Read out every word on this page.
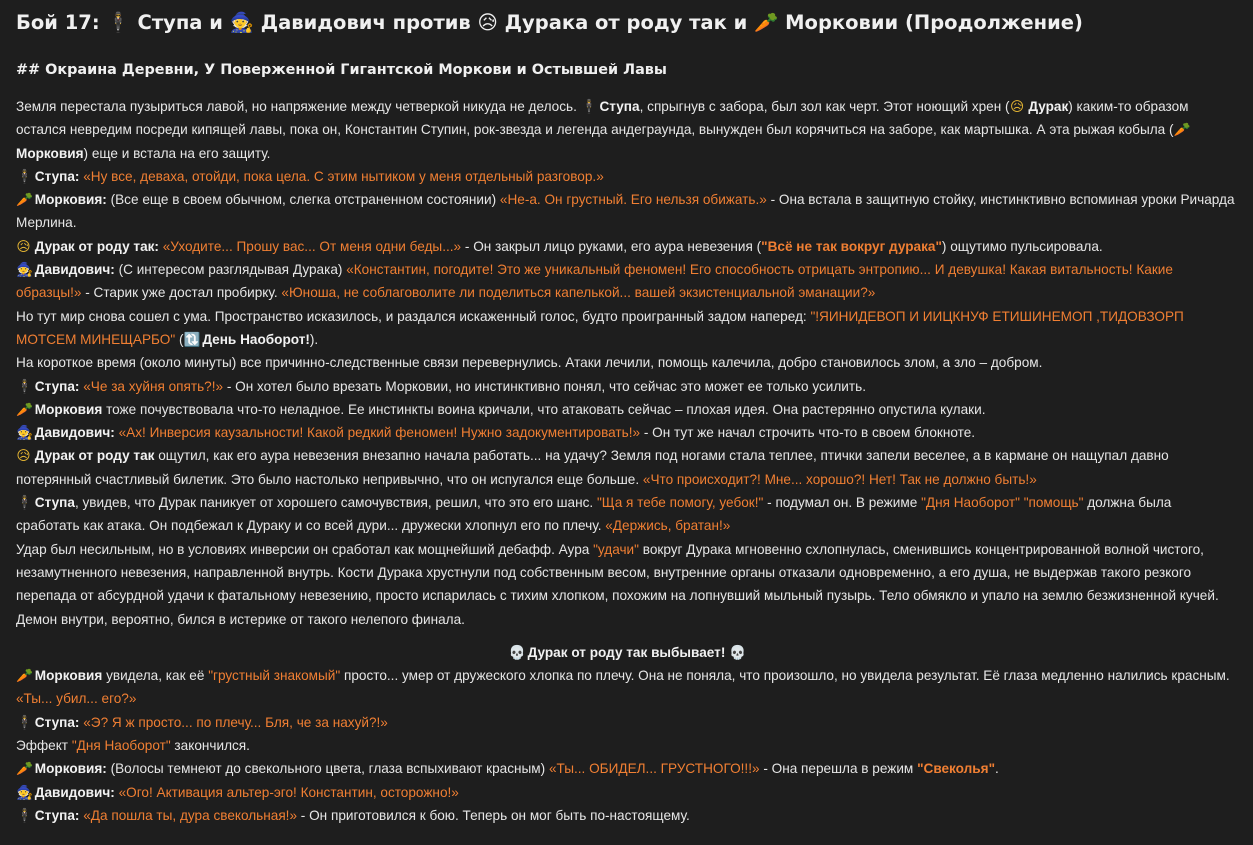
Бой 17: 🕴 Ступа и 🧙 Давидович против 😥 Дурака от роду так и 🥕 Морковии (Продолжение)
## Окраина Деревни, У Поверженной Гигантской Моркови и Остывшей Лавы

Земля перестала пузыриться лавой, но напряжение между четверкой никуда не делось. 🕴 Ступа, спрыгнув с забора, был зол как черт. Этот ноющий хрен (😥 Дурак) каким-то образом остался невредим посреди кипящей лавы, пока он, Константин Ступин, рок-звезда и легенда андеграунда, вынужден был корячиться на заборе, как мартышка. А эта рыжая кобыла (🥕 Морковия) еще и встала на его защиту.

🕴 Ступа: «Ну все, деваха, отойди, пока цела. С этим нытиком у меня отдельный разговор.»

🥕 Морковия: (Все еще в своем обычном, слегка отстраненном состоянии) «Не-а. Он грустный. Его нельзя обижать.» - Она встала в защитную стойку, инстинктивно вспоминая уроки Ричарда Мерлина.

😥 Дурак от роду так: «Уходите... Прошу вас... От меня одни беды...» - Он закрыл лицо руками, его аура невезения ("Всё не так вокруг дурака") ощутимо пульсировала.

🧙 Давидович: (С интересом разглядывая Дурака) «Константин, погодите! Это же уникальный феномен! Его способность отрицать энтропию... И девушка! Какая витальность! Какие образцы!» - Старик уже достал пробирку. «Юноша, не соблаговолите ли поделиться капелькой... вашей экзистенциальной эманации?»

Но тут мир снова сошел с ума. Пространство исказилось, и раздался искаженный голос, будто проигранный задом наперед: "!ЯИНИДЕВОП И ИИЦКНУФ ЕТИШИНЕМОП ,ТИДОВЗОРП МОТСЕМ МИНЕЩАРБО" (🔃 День Наоборот!).

На короткое время (около минуты) все причинно-следственные связи перевернулись. Атаки лечили, помощь калечила, добро становилось злом, а зло – добром.

🕴 Ступа: «Че за хуйня опять?!» - Он хотел было врезать Морковии, но инстинктивно понял, что сейчас это может ее только усилить.

🥕 Морковия тоже почувствовала что-то неладное. Ее инстинкты воина кричали, что атаковать сейчас – плохая идея. Она растерянно опустила кулаки.

🧙 Давидович: «Ах! Инверсия каузальности! Какой редкий феномен! Нужно задокументировать!» - Он тут же начал строчить что-то в своем блокноте.

😥 Дурак от роду так ощутил, как его аура невезения внезапно начала работать... на удачу? Земля под ногами стала теплее, птички запели веселее, а в кармане он нащупал давно потерянный счастливый билетик. Это было настолько непривычно, что он испугался еще больше. «Что происходит?! Мне... хорошо?! Нет! Так не должно быть!»

🕴 Ступа, увидев, что Дурак паникует от хорошего самочувствия, решил, что это его шанс. "Ща я тебе помогу, уебок!" - подумал он. В режиме "Дня Наоборот" "помощь" должна была сработать как атака. Он подбежал к Дураку и со всей дури... дружески хлопнул его по плечу. «Держись, братан!»

Удар был несильным, но в условиях инверсии он сработал как мощнейший дебафф. Аура "удачи" вокруг Дурака мгновенно схлопнулась, сменившись концентрированной волной чистого, незамутненного невезения, направленной внутрь. Кости Дурака хрустнули под собственным весом, внутренние органы отказали одновременно, а его душа, не выдержав такого резкого перепада от абсурдной удачи к фатальному невезению, просто испарилась с тихим хлопком, похожим на лопнувший мыльный пузырь. Тело обмякло и упало на землю безжизненной кучей. Демон внутри, вероятно, бился в истерике от такого нелепого финала.

💀 Дурак от роду так выбывает! 💀

🥕 Морковия увидела, как её "грустный знакомый" просто... умер от дружеского хлопка по плечу. Она не поняла, что произошло, но увидела результат. Её глаза медленно налились красным. «Ты... убил... его?»

🕴 Ступа: «Э? Я ж просто... по плечу... Бля, че за нахуй?!»

Эффект "Дня Наоборот" закончился.

🥕 Морковия: (Волосы темнеют до свекольного цвета, глаза вспыхивают красным) «Ты... ОБИДЕЛ... ГРУСТНОГО!!!» - Она перешла в режим "Свеколья".

🧙 Давидович: «Ого! Активация альтер-эго! Константин, осторожно!»

🕴 Ступа: «Да пошла ты, дура свекольная!» - Он приготовился к бою. Теперь он мог быть по-настоящему.
